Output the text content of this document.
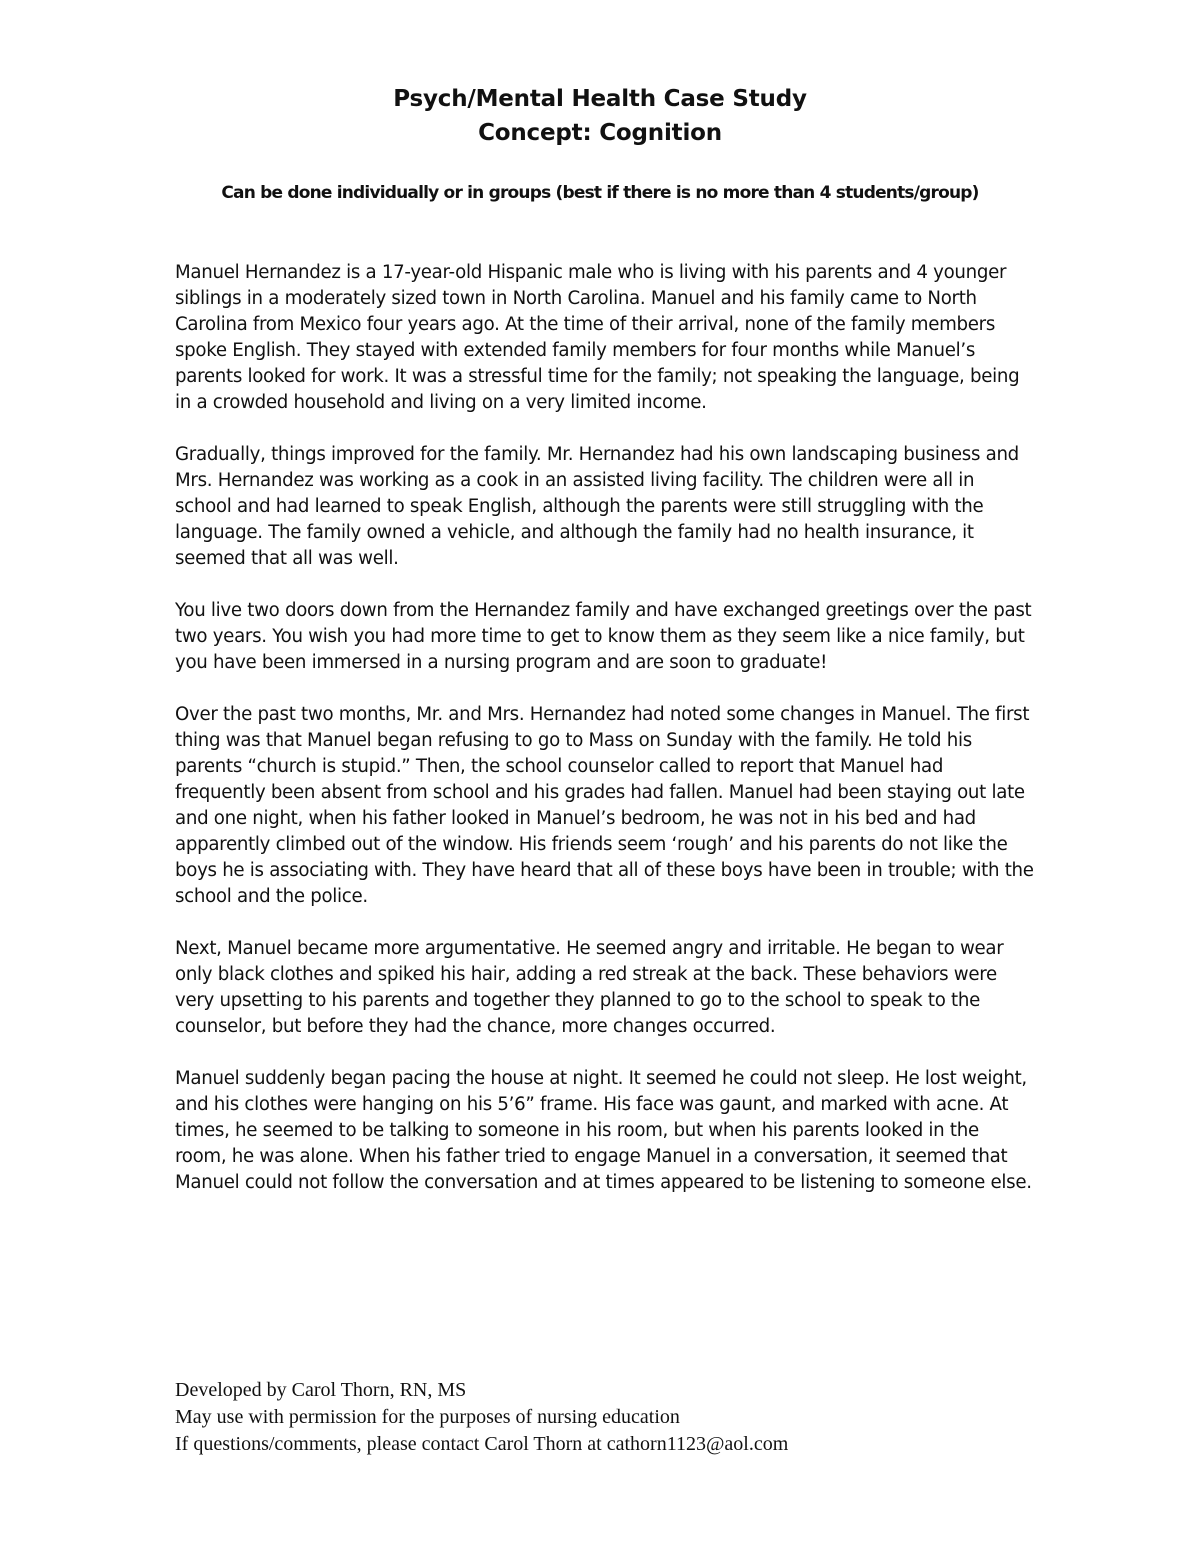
Psych/Mental Health Case Study
Concept: Cognition
Can be done individually or in groups (best if there is no more than 4 students/group)

Manuel Hernandez is a 17-year-old Hispanic male who is living with his parents and 4 younger siblings in a moderately sized town in North Carolina. Manuel and his family came to North Carolina from Mexico four years ago. At the time of their arrival, none of the family members spoke English. They stayed with extended family members for four months while Manuel’s parents looked for work. It was a stressful time for the family; not speaking the language, being in a crowded household and living on a very limited income.

Gradually, things improved for the family. Mr. Hernandez had his own landscaping business and Mrs. Hernandez was working as a cook in an assisted living facility. The children were all in school and had learned to speak English, although the parents were still struggling with the language. The family owned a vehicle, and although the family had no health insurance, it seemed that all was well.

You live two doors down from the Hernandez family and have exchanged greetings over the past two years. You wish you had more time to get to know them as they seem like a nice family, but you have been immersed in a nursing program and are soon to graduate!

Over the past two months, Mr. and Mrs. Hernandez had noted some changes in Manuel. The first thing was that Manuel began refusing to go to Mass on Sunday with the family. He told his parents “church is stupid.” Then, the school counselor called to report that Manuel had frequently been absent from school and his grades had fallen. Manuel had been staying out late and one night, when his father looked in Manuel’s bedroom, he was not in his bed and had apparently climbed out of the window. His friends seem ‘rough’ and his parents do not like the boys he is associating with. They have heard that all of these boys have been in trouble; with the school and the police.

Next, Manuel became more argumentative. He seemed angry and irritable. He began to wear only black clothes and spiked his hair, adding a red streak at the back. These behaviors were very upsetting to his parents and together they planned to go to the school to speak to the counselor, but before they had the chance, more changes occurred.

Manuel suddenly began pacing the house at night. It seemed he could not sleep. He lost weight, and his clothes were hanging on his 5’6” frame. His face was gaunt, and marked with acne. At times, he seemed to be talking to someone in his room, but when his parents looked in the room, he was alone. When his father tried to engage Manuel in a conversation, it seemed that Manuel could not follow the conversation and at times appeared to be listening to someone else.

Developed by Carol Thorn, RN, MS
May use with permission for the purposes of nursing education
If questions/comments, please contact Carol Thorn at cathorn1123@aol.com
